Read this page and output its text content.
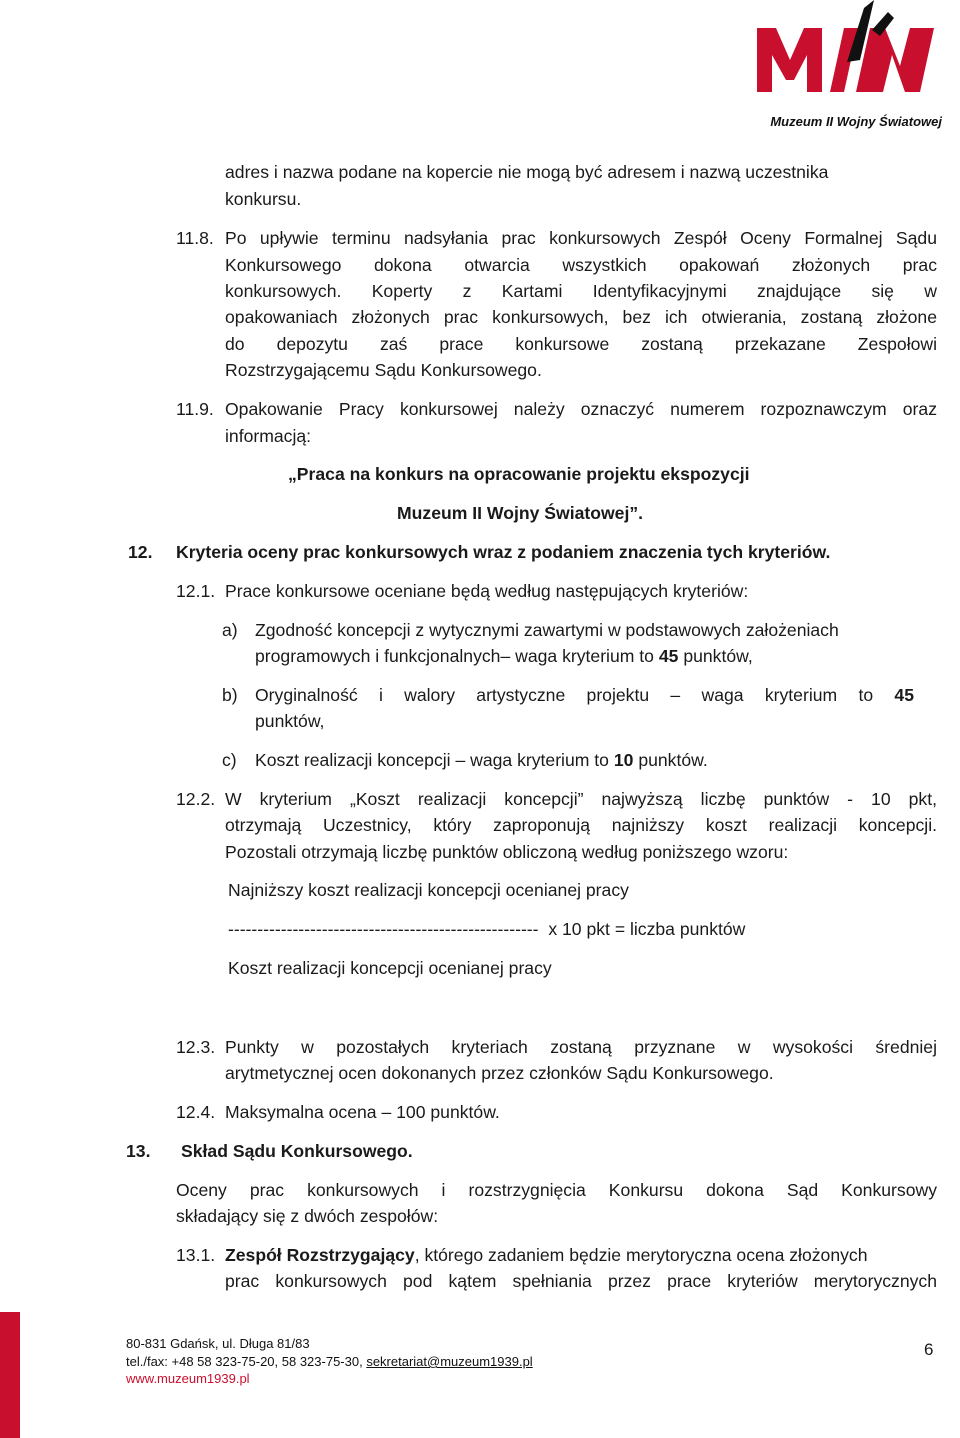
Muzeum II Wojny Światowej
adres i nazwa podane na kopercie nie mogą być adresem i nazwą uczestnika
konkursu.
11.8. Po upływie terminu nadsyłania prac konkursowych Zespół Oceny Formalnej Sądu
Konkursowego dokona otwarcia wszystkich opakowań złożonych prac
konkursowych. Koperty z Kartami Identyfikacyjnymi znajdujące się w
opakowaniach złożonych prac konkursowych, bez ich otwierania, zostaną złożone
do depozytu zaś prace konkursowe zostaną przekazane Zespołowi
Rozstrzygającemu Sądu Konkursowego.
11.9. Opakowanie Pracy konkursowej należy oznaczyć numerem rozpoznawczym oraz
informacją:
„Praca na konkurs na opracowanie projektu ekspozycji
Muzeum II Wojny Światowej”.
12. Kryteria oceny prac konkursowych wraz z podaniem znaczenia tych kryteriów.
12.1. Prace konkursowe oceniane będą według następujących kryteriów:
a) Zgodność koncepcji z wytycznymi zawartymi w podstawowych założeniach
programowych i funkcjonalnych– waga kryterium to 45 punktów,
b) Oryginalność i walory artystyczne projektu – waga kryterium to 45
punktów,
c) Koszt realizacji koncepcji – waga kryterium to 10 punktów.
12.2. W kryterium „Koszt realizacji koncepcji” najwyższą liczbę punktów - 10 pkt,
otrzymają Uczestnicy, który zaproponują najniższy koszt realizacji koncepcji.
Pozostali otrzymają liczbę punktów obliczoną według poniższego wzoru:
Najniższy koszt realizacji koncepcji ocenianej pracy
----------------------------------------------------- x 10 pkt = liczba punktów
Koszt realizacji koncepcji ocenianej pracy
12.3. Punkty w pozostałych kryteriach zostaną przyznane w wysokości średniej
arytmetycznej ocen dokonanych przez członków Sądu Konkursowego.
12.4. Maksymalna ocena – 100 punktów.
13. Skład Sądu Konkursowego.
Oceny prac konkursowych i rozstrzygnięcia Konkursu dokona Sąd Konkursowy
składający się z dwóch zespołów:
13.1. Zespół Rozstrzygający, którego zadaniem będzie merytoryczna ocena złożonych
prac konkursowych pod kątem spełniania przez prace kryteriów merytorycznych
80-831 Gdańsk, ul. Długa 81/83
tel./fax: +48 58 323-75-20, 58 323-75-30, sekretariat@muzeum1939.pl
www.muzeum1939.pl
6
